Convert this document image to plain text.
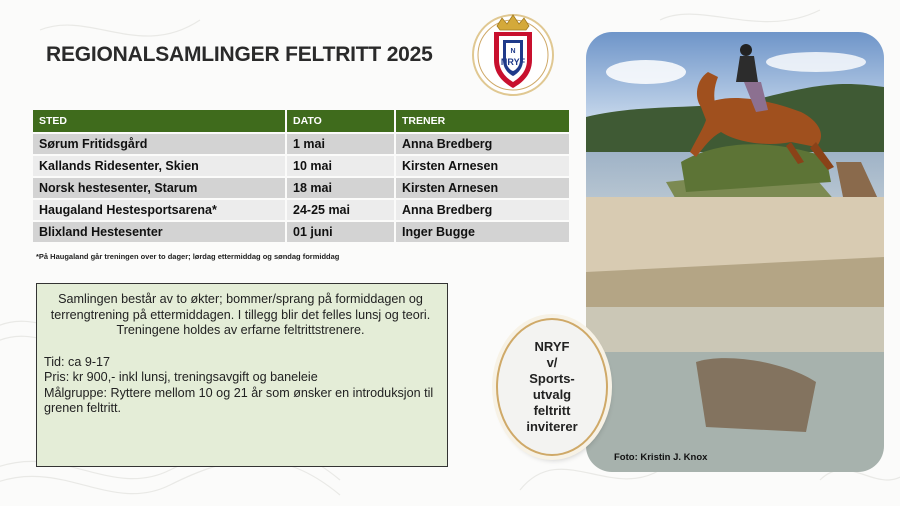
REGIONALSAMLINGER FELTRITT 2025	N
NRYF
STED	DATO	TRENER
Sørum Fritidsgård	1 mai	Anna Bredberg
Kallands Ridesenter, Skien	10 mai	Kirsten Arnesen
Norsk hestesenter, Starum	18 mai	Kirsten Arnesen
Haugaland Hestesportsarena*	24-25 mai	Anna Bredberg
Blixland Hestesenter	01 juni	Inger Bugge
*På Haugaland går treningen over to dager; lørdag ettermiddag og søndag formiddag

Samlingen består av to økter; bommer/sprang på formiddagen og terrengtrening på ettermiddagen. I tillegg blir det felles lunsj og teori. Treningene holdes av erfarne feltrittstrenere.

Tid: ca 9-17

Pris: kr 900,- inkl lunsj, treningsavgift og baneleie

Målgruppe: Ryttere mellom 10 og 21 år som ønsker en introduksjon til grenen feltritt.

Foto: Kristin J. Knox
NRYF
v/
Sports-
utvalg
feltritt
inviterer
